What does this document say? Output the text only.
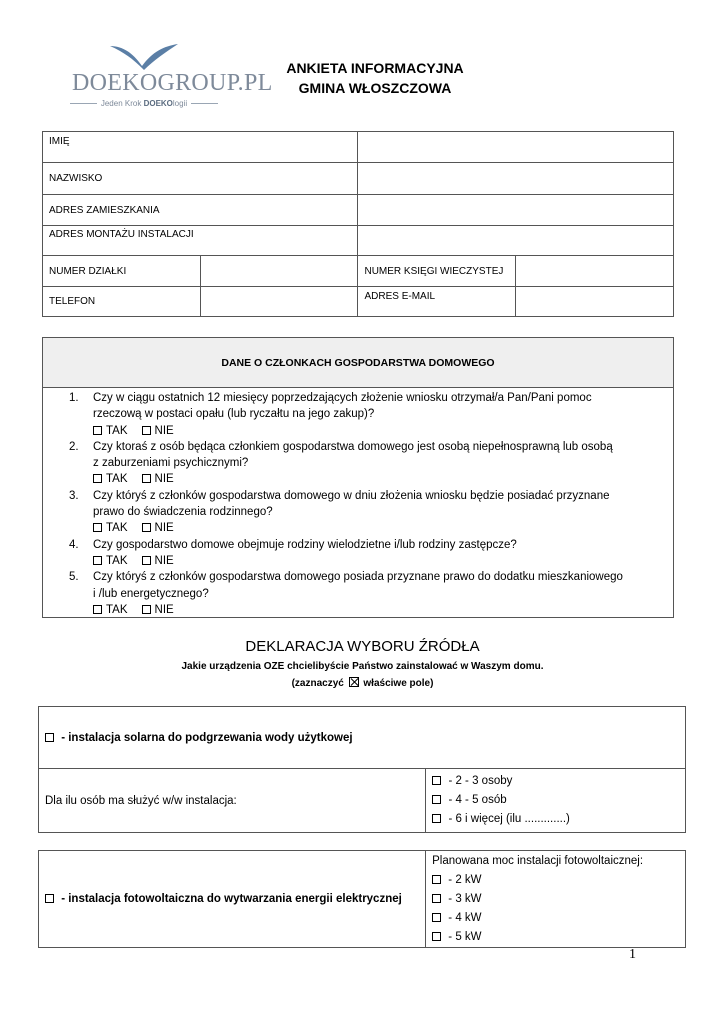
DOEKOGROUP.PL
Jeden Krok DOEKOlogii
ANKIETA INFORMACYJNA
GMINA WŁOSZCZOWA
IMIĘ			
NAZWISKO			
ADRES ZAMIESZKANIA			
ADRES MONTAŻU INSTALACJI			
NUMER DZIAŁKI		NUMER KSIĘGI WIECZYSTEJ	
TELEFON		ADRES E-MAIL	
DANE O CZŁONKACH GOSPODARSTWA DOMOWEGO
1. Czy w ciągu ostatnich 12 miesięcy poprzedzających złożenie wniosku otrzymał/a Pan/Pani pomoc
rzeczową w postaci opału (lub ryczałtu na jego zakup)?
TAK	NIE
2. Czy ktoraś z osób będąca członkiem gospodarstwa domowego jest osobą niepełnosprawną lub osobą
z zaburzeniami psychicznymi?
TAK	NIE
3. Czy któryś z członków gospodarstwa domowego w dniu złożenia wniosku będzie posiadać przyznane
prawo do świadczenia rodzinnego?
TAK	NIE
4. Czy gospodarstwo domowe obejmuje rodziny wielodzietne i/lub rodziny zastępcze?
TAK	NIE
5. Czy któryś z członków gospodarstwa domowego posiada przyznane prawo do dodatku mieszkaniowego
i /lub energetycznego?
TAK	NIE
DEKLARACJA WYBORU ŹRÓDŁA
Jakie urządzenia OZE chcielibyście Państwo zainstalować w Waszym domu.
(zaznaczyć właściwe pole)
- instalacja solarna do podgrzewania wody użytkowej
Dla ilu osób ma służyć w/w instalacja:	
- 2 - 3 osoby
- 4 - 5 osób
- 6 i więcej (ilu .............)
- instalacja fotowoltaiczna do wytwarzania energii elektrycznej	
Planowana moc instalacji fotowoltaicznej:
- 2 kW
- 3 kW
- 4 kW
- 5 kW
1
